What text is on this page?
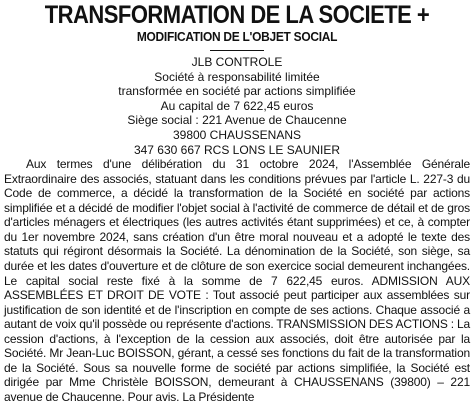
TRANSFORMATION DE LA SOCIETE +
MODIFICATION DE L'OBJET SOCIAL
JLB CONTROLE
Société à responsabilité limitée
transformée en société par actions simplifiée
Au capital de 7 622,45 euros
Siège social : 221 Avenue de Chaucenne
39800 CHAUSSENANS
347 630 667 RCS LONS LE SAUNIER

Aux termes d'une délibération du 31 octobre 2024, l'Assemblée Générale Extraordinaire des associés, statuant dans les conditions prévues par l'article L. 227-3 du Code de commerce, a décidé la transformation de la Société en société par actions simplifiée et a décidé de modifier l'objet social à l'activité de commerce de détail et de gros d'articles ménagers et électriques (les autres activités étant supprimées) et ce, à compter du 1er novembre 2024, sans création d'un être moral nouveau et a adopté le texte des statuts qui régiront désormais la Société. La dénomination de la Société, son siège, sa durée et les dates d'ouverture et de clôture de son exercice social demeurent inchangées. Le capital social reste fixé à la somme de 7 622,45 euros. ADMISSION AUX ASSEMBLÉES ET DROIT DE VOTE : Tout associé peut participer aux assemblées sur justification de son identité et de l'inscription en compte de ses actions. Chaque associé a autant de voix qu'il possède ou représente d'actions. TRANSMISSION DES ACTIONS : La cession d'actions, à l'exception de la cession aux associés, doit être autorisée par la Société. Mr Jean-Luc BOISSON, gérant, a cessé ses fonctions du fait de la transformation de la Société. Sous sa nouvelle forme de société par actions simplifiée, la Société est dirigée par Mme Christèle BOISSON, demeurant à CHAUSSENANS (39800) – 221 avenue de Chaucenne. Pour avis. La Présidente
